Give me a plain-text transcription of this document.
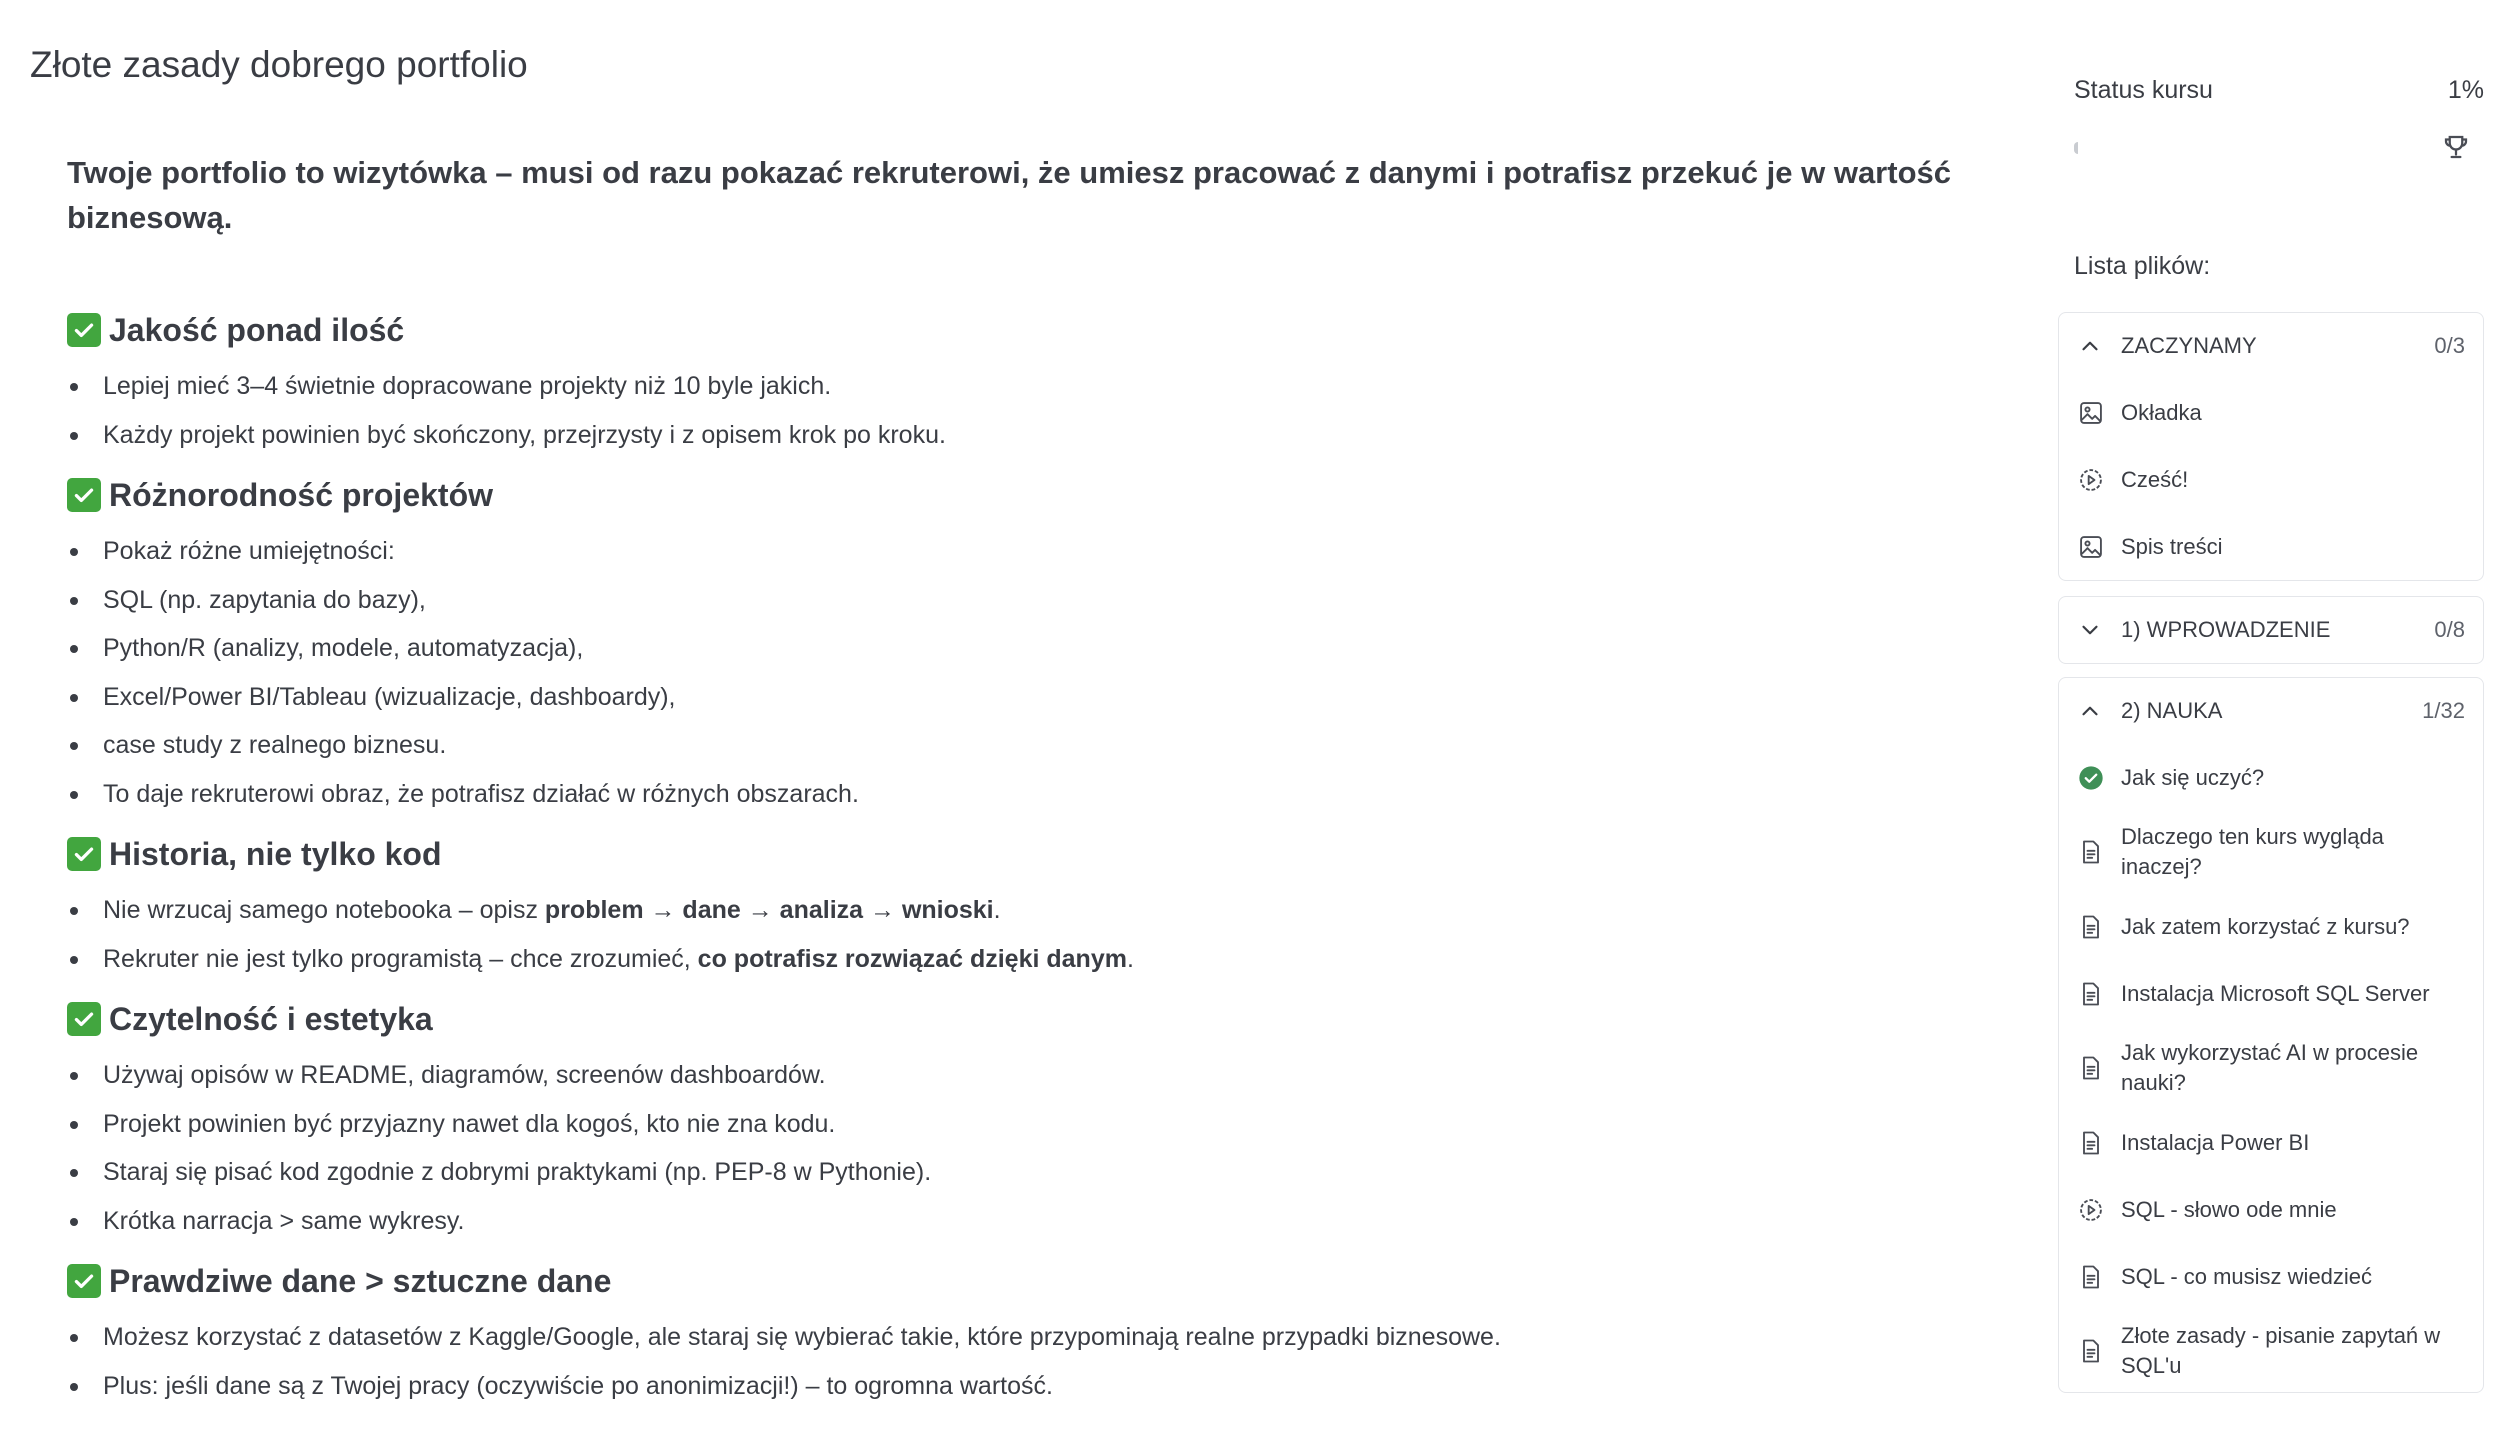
Złote zasady dobrego portfolio

Twoje portfolio to wizytówka – musi od razu pokazać rekruterowi, że umiesz pracować z danymi i potrafisz przekuć je w wartość biznesową.

Jakość ponad ilość
Lepiej mieć 3–4 świetnie dopracowane projekty niż 10 byle jakich.
Każdy projekt powinien być skończony, przejrzysty i z opisem krok po kroku.
Różnorodność projektów
Pokaż różne umiejętności:
SQL (np. zapytania do bazy),
Python/R (analizy, modele, automatyzacja),
Excel/Power BI/Tableau (wizualizacje, dashboardy),
case study z realnego biznesu.
To daje rekruterowi obraz, że potrafisz działać w różnych obszarach.
Historia, nie tylko kod
Nie wrzucaj samego notebooka – opisz problem → dane → analiza → wnioski.
Rekruter nie jest tylko programistą – chce zrozumieć, co potrafisz rozwiązać dzięki danym.
Czytelność i estetyka
Używaj opisów w README, diagramów, screenów dashboardów.
Projekt powinien być przyjazny nawet dla kogoś, kto nie zna kodu.
Staraj się pisać kod zgodnie z dobrymi praktykami (np. PEP-8 w Pythonie).
Krótka narracja > same wykresy.
Prawdziwe dane > sztuczne dane
Możesz korzystać z datasetów z Kaggle/Google, ale staraj się wybierać takie, które przypominają realne przypadki biznesowe.
Plus: jeśli dane są z Twojej pracy (oczywiście po anonimizacji!) – to ogromna wartość.
Status kursu	1%
Lista plików:
ZACZYNAMY	0/3
Okładka
Cześć!
Spis treści
1) WPROWADZENIE	0/8
2) NAUKA	1/32
Jak się uczyć?
Dlaczego ten kurs wygląda inaczej?
Jak zatem korzystać z kursu?
Instalacja Microsoft SQL Server
Jak wykorzystać AI w procesie nauki?
Instalacja Power BI
SQL - słowo ode mnie
SQL - co musisz wiedzieć
Złote zasady - pisanie zapytań w SQL'u
